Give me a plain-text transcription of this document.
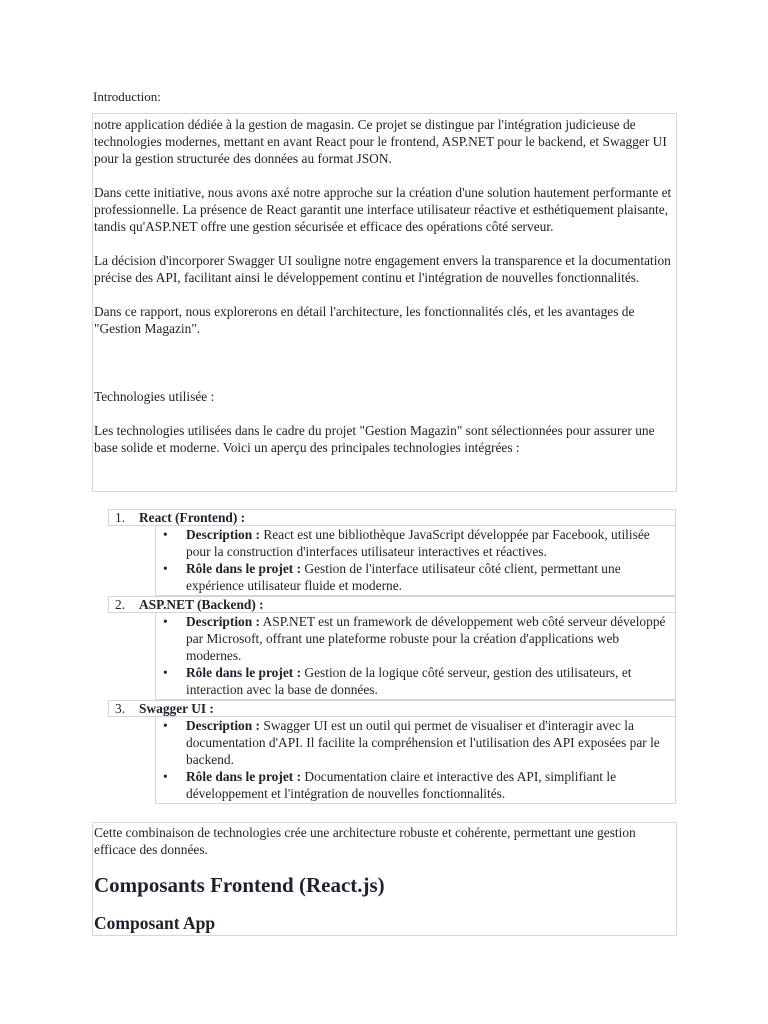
Introduction:

notre application dédiée à la gestion de magasin. Ce projet se distingue par l'intégration judicieuse de technologies modernes, mettant en avant React pour le frontend, ASP.NET pour le backend, et Swagger UI pour la gestion structurée des données au format JSON.

Dans cette initiative, nous avons axé notre approche sur la création d'une solution hautement performante et professionnelle. La présence de React garantit une interface utilisateur réactive et esthétiquement plaisante, tandis qu'ASP.NET offre une gestion sécurisée et efficace des opérations côté serveur.

La décision d'incorporer Swagger UI souligne notre engagement envers la transparence et la documentation précise des API, facilitant ainsi le développement continu et l'intégration de nouvelles fonctionnalités.

Dans ce rapport, nous explorerons en détail l'architecture, les fonctionnalités clés, et les avantages de "Gestion Magazin".

Technologies utilisée :

Les technologies utilisées dans le cadre du projet "Gestion Magazin" sont sélectionnées pour assurer une base solide et moderne. Voici un aperçu des principales technologies intégrées :

1. React (Frontend) :
• Description : React est une bibliothèque JavaScript développée par Facebook, utilisée pour la construction d'interfaces utilisateur interactives et réactives.
• Rôle dans le projet : Gestion de l'interface utilisateur côté client, permettant une expérience utilisateur fluide et moderne.
2. ASP.NET (Backend) :
• Description : ASP.NET est un framework de développement web côté serveur développé par Microsoft, offrant une plateforme robuste pour la création d'applications web modernes.
• Rôle dans le projet : Gestion de la logique côté serveur, gestion des utilisateurs, et interaction avec la base de données.
3. Swagger UI :
• Description : Swagger UI est un outil qui permet de visualiser et d'interagir avec la documentation d'API. Il facilite la compréhension et l'utilisation des API exposées par le backend.
• Rôle dans le projet : Documentation claire et interactive des API, simplifiant le développement et l'intégration de nouvelles fonctionnalités.

Cette combinaison de technologies crée une architecture robuste et cohérente, permettant une gestion efficace des données.

Composants Frontend (React.js)
Composant App
